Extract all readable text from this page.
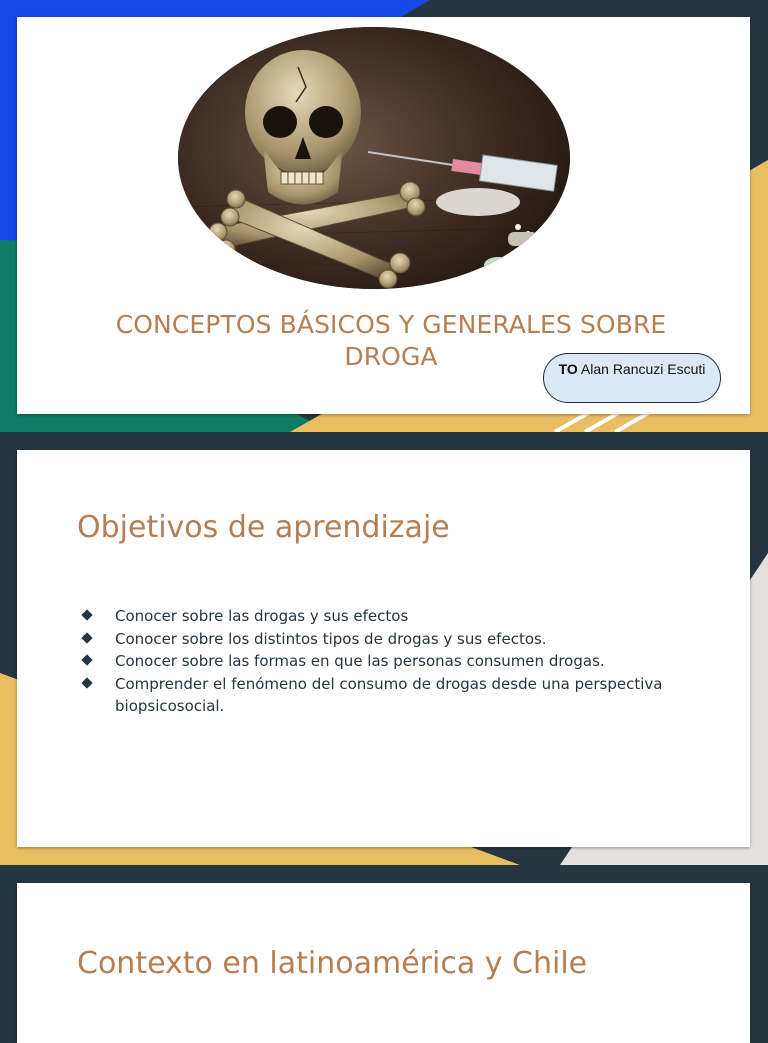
CONCEPTOS BÁSICOS Y GENERALES SOBRE DROGA	TO Alan Rancuzi Escuti
Objetivos de aprendizaje
Conocer sobre las drogas y sus efectos
Conocer sobre los distintos tipos de drogas y sus efectos.
Conocer sobre las formas en que las personas consumen drogas.
Comprender el fenómeno del consumo de drogas desde una perspectiva biopsicosocial.
Contexto en latinoamérica y Chile
